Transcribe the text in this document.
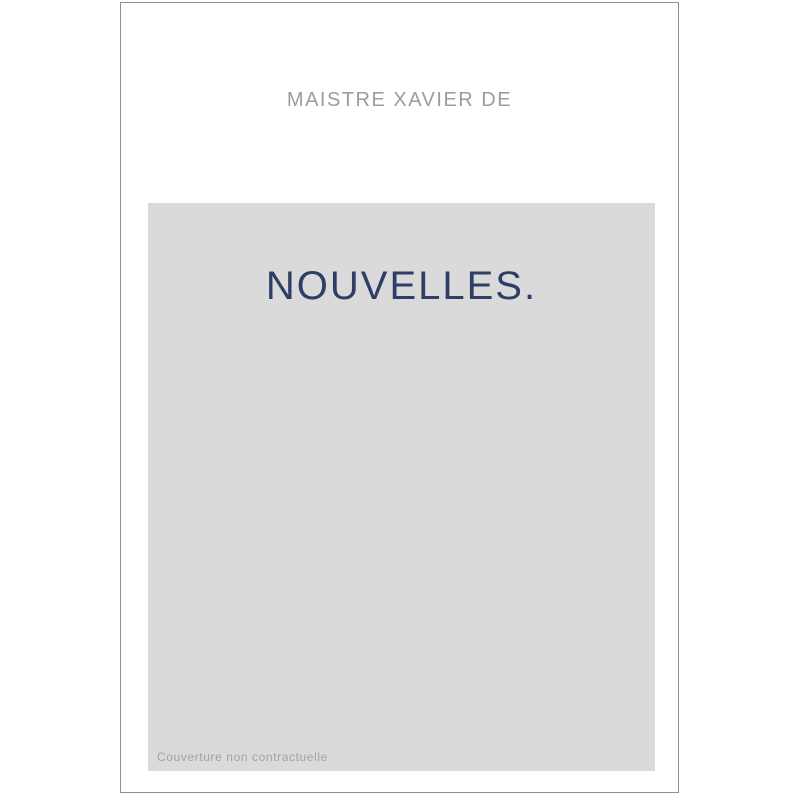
MAISTRE XAVIER DE
NOUVELLES.
Couverture non contractuelle
